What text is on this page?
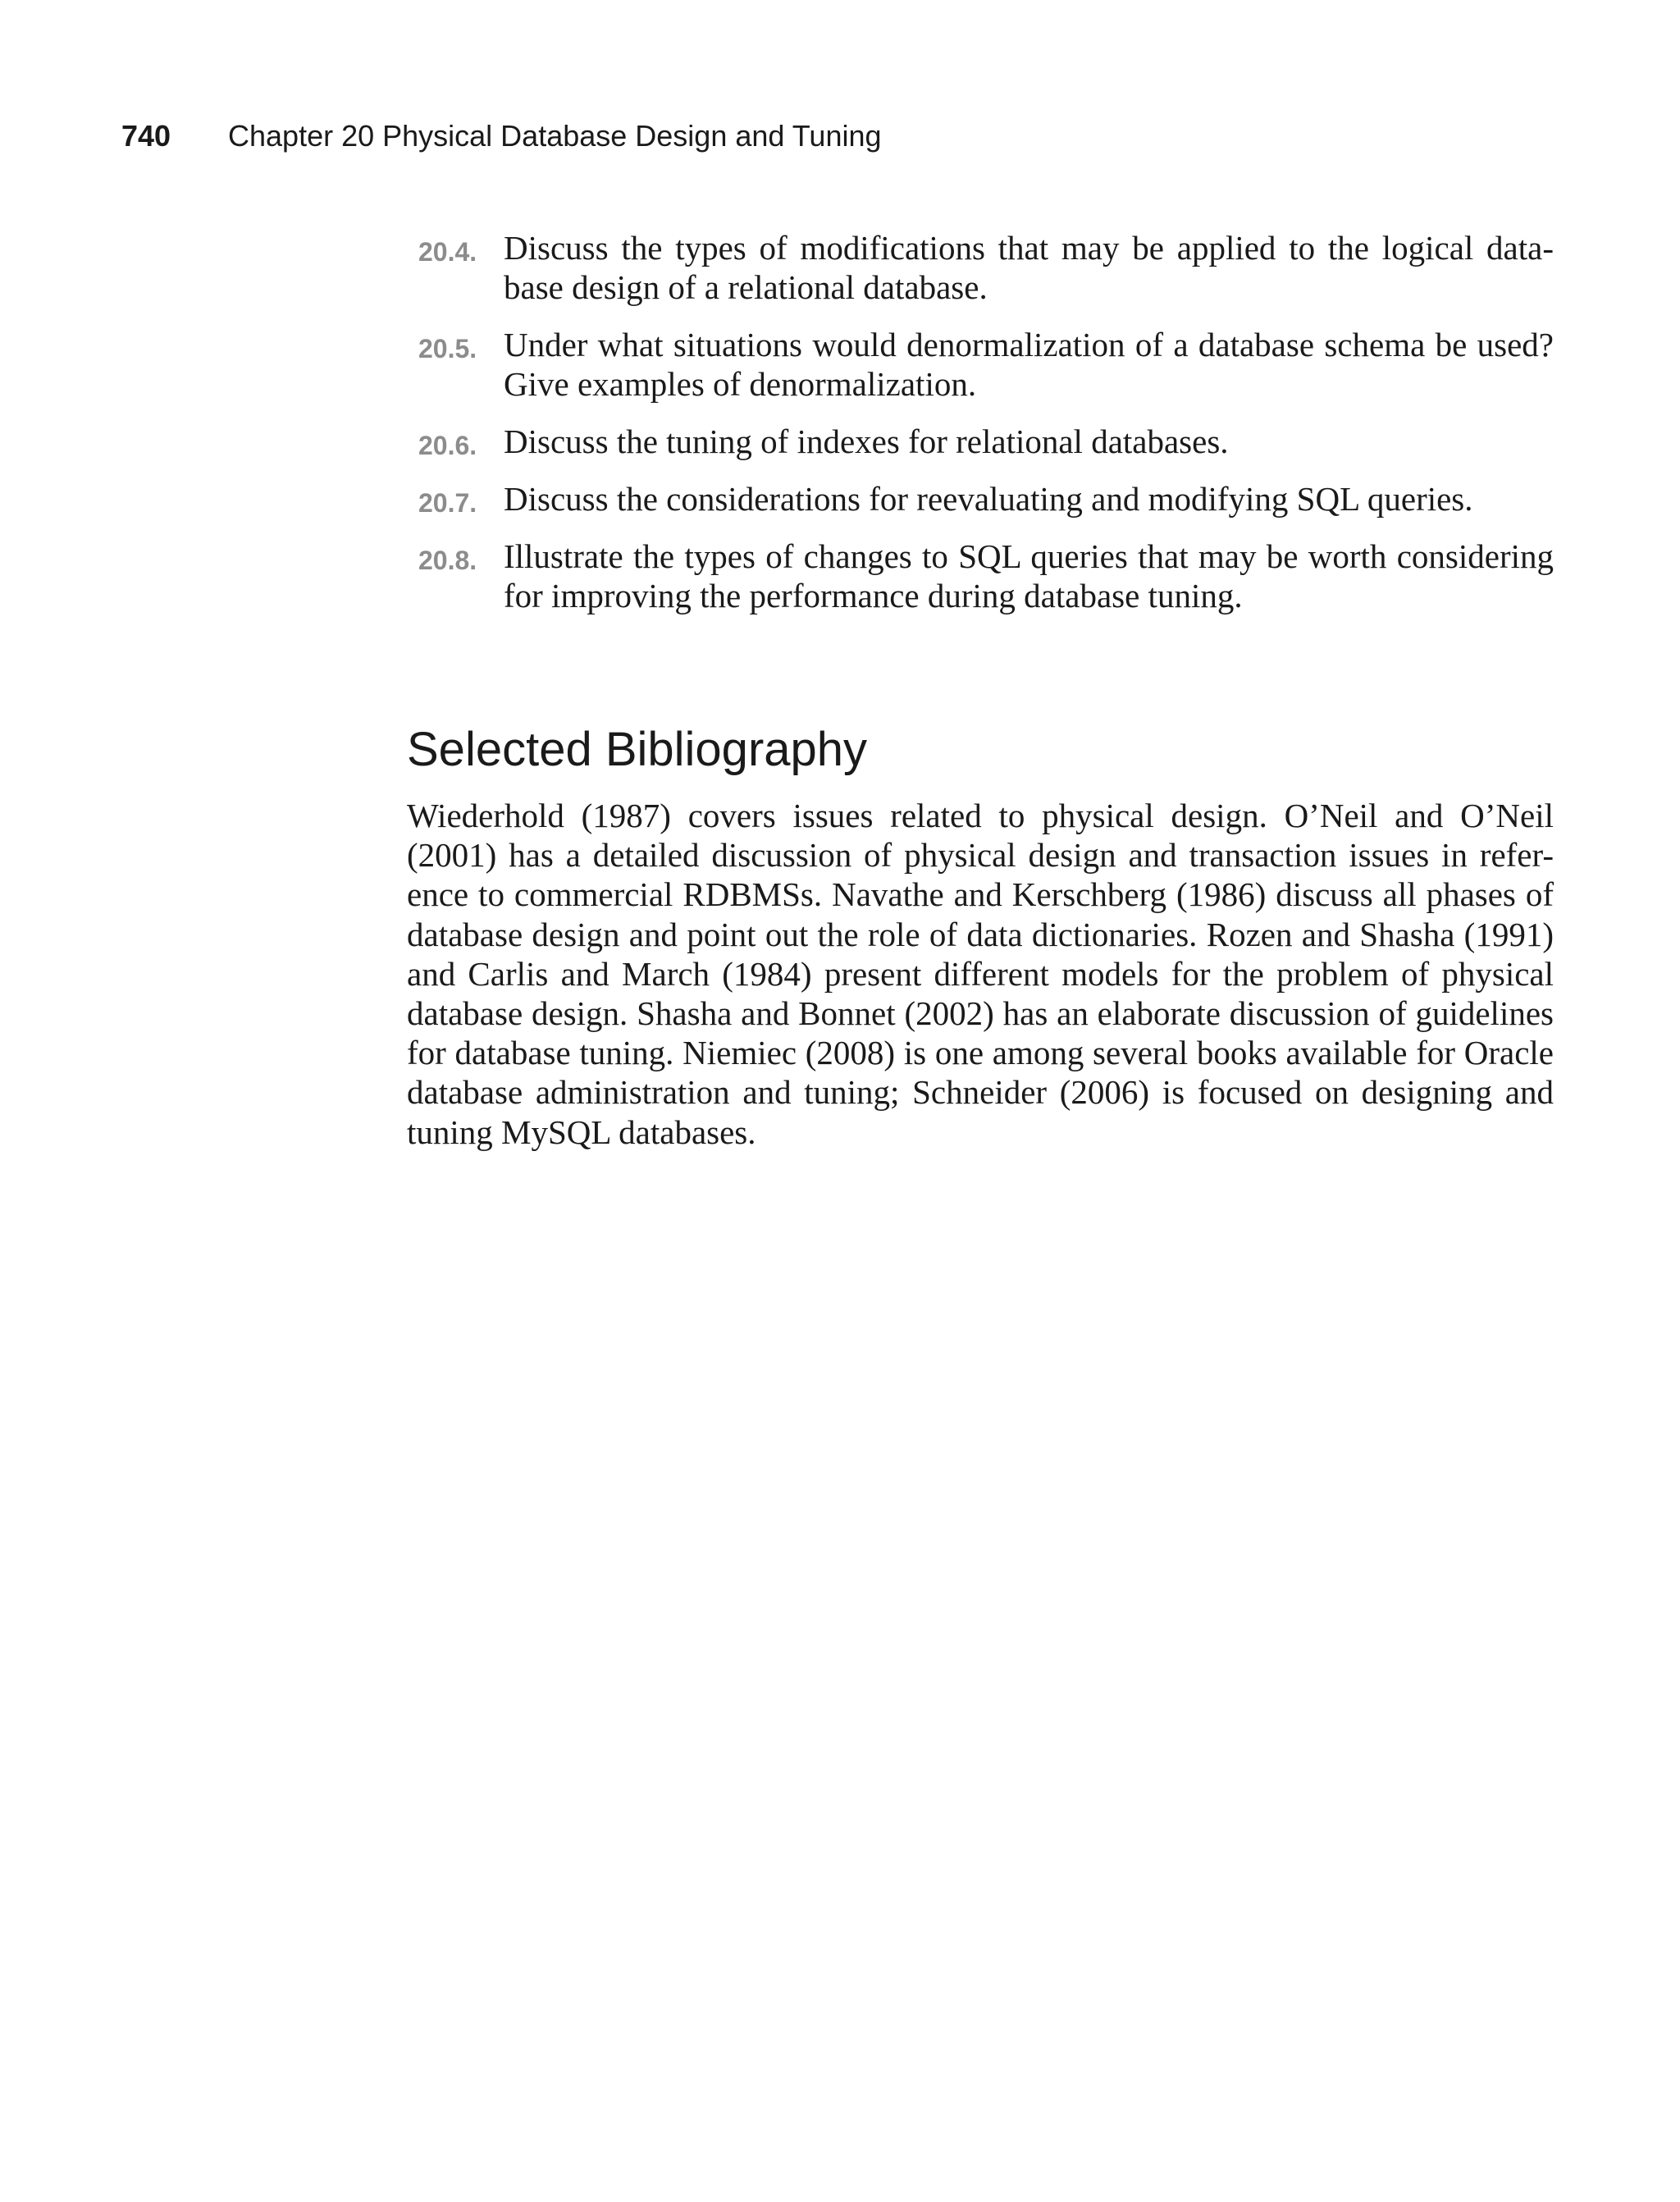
740 Chapter 20 Physical Database Design and Tuning
20.4. Discuss the types of modifications that may be applied to the logical data-base design of a relational database.
20.5. Under what situations would denormalization of a database schema be used? Give examples of denormalization.
20.6. Discuss the tuning of indexes for relational databases.
20.7. Discuss the considerations for reevaluating and modifying SQL queries.
20.8. Illustrate the types of changes to SQL queries that may be worth considering for improving the performance during database tuning.
Selected Bibliography

Wiederhold (1987) covers issues related to physical design. O’Neil and O’Neil (2001) has a detailed discussion of physical design and transaction issues in refer-ence to commercial RDBMSs. Navathe and Kerschberg (1986) discuss all phases of database design and point out the role of data dictionaries. Rozen and Shasha (1991) and Carlis and March (1984) present different models for the problem of physical database design. Shasha and Bonnet (2002) has an elaborate discussion of guidelines for database tuning. Niemiec (2008) is one among several books available for Oracle database administration and tuning; Schneider (2006) is focused on designing and tuning MySQL databases.
